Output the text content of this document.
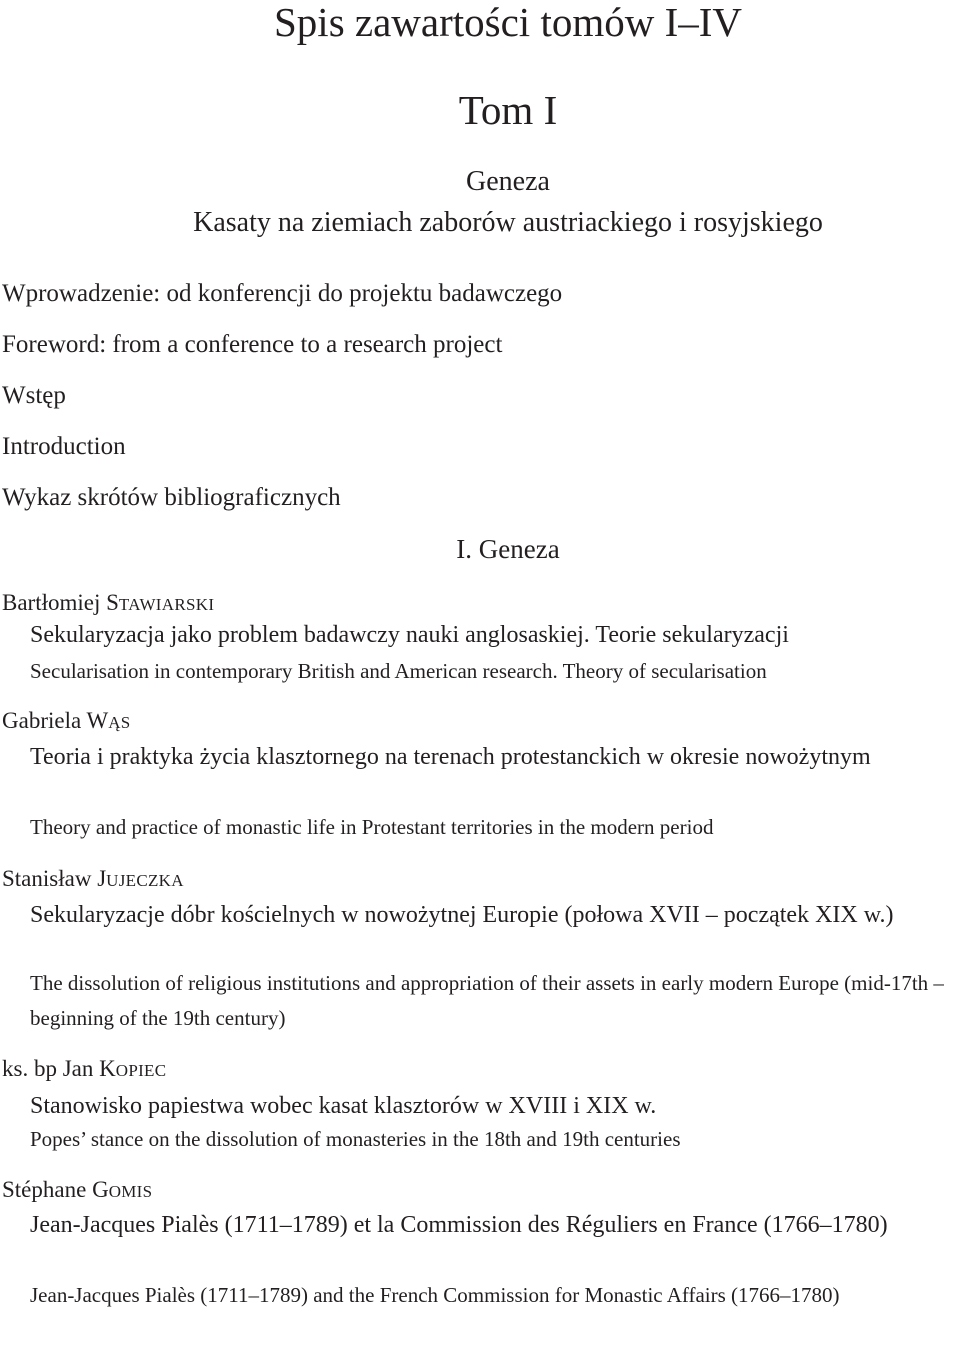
Spis zawartości tomów I–IV
Tom I
Geneza
Kasaty na ziemiach zaborów austriackiego i rosyjskiego
Wprowadzenie: od konferencji do projektu badawczego
Foreword: from a conference to a research project
Wstęp
Introduction
Wykaz skrótów bibliograficznych
I. Geneza
Bartłomiej STAWIARSKI
Sekularyzacja jako problem badawczy nauki anglosaskiej. Teorie sekularyzacji
Secularisation in contemporary British and American research. Theory of secularisation
Gabriela WĄS
Teoria i praktyka życia klasztornego na terenach protestanckich w okresie nowożytnym
Theory and practice of monastic life in Protestant territories in the modern period
Stanisław JUJECZKA
Sekularyzacje dóbr kościelnych w nowożytnej Europie (połowa XVII – początek XIX w.)
The dissolution of religious institutions and appropriation of their assets in early modern Europe (mid-17th – beginning of the 19th century)
ks. bp Jan KOPIEC
Stanowisko papiestwa wobec kasat klasztorów w XVIII i XIX w.
Popes’ stance on the dissolution of monasteries in the 18th and 19th centuries
Stéphane GOMIS
Jean-Jacques Pialès (1711–1789) et la Commission des Réguliers en France (1766–1780)
Jean-Jacques Pialès (1711–1789) and the French Commission for Monastic Affairs (1766–1780)
